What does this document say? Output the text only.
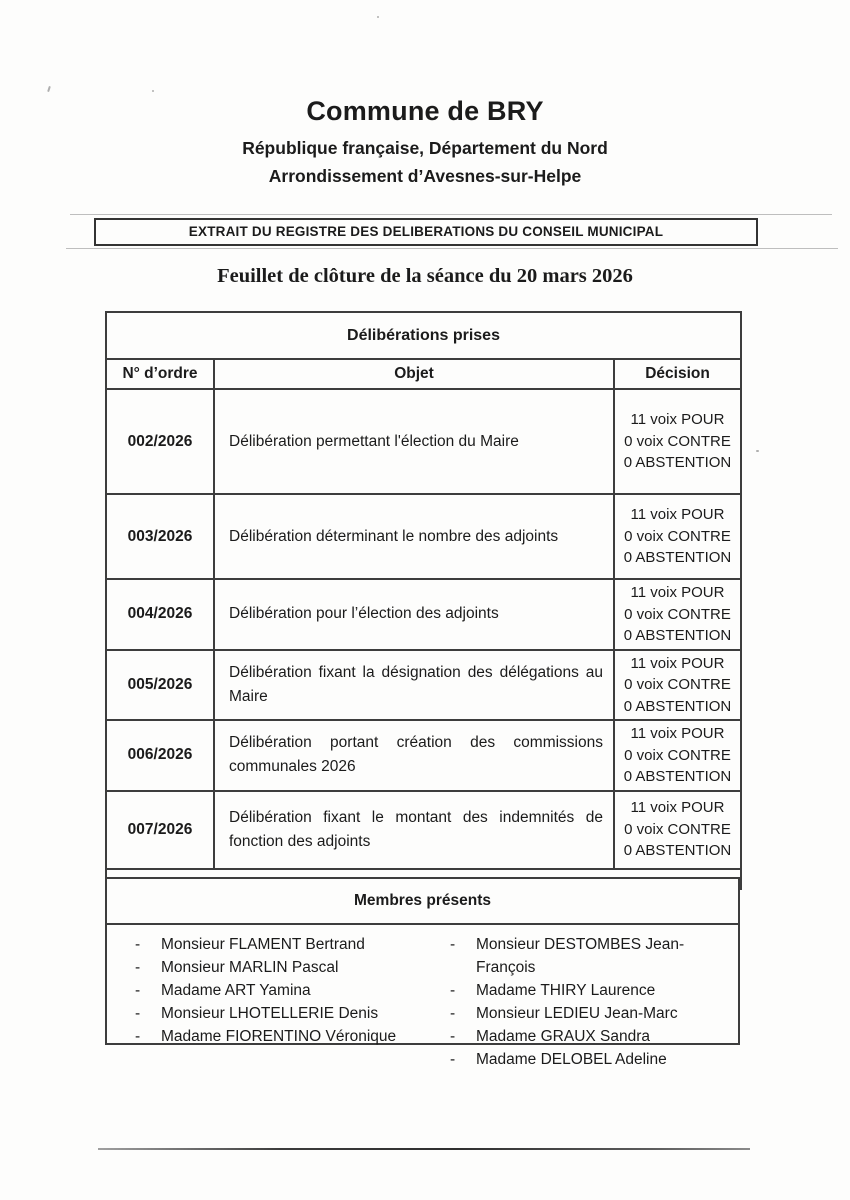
Commune de BRY
République française, Département du Nord
Arrondissement d’Avesnes-sur-Helpe
EXTRAIT DU REGISTRE DES DELIBERATIONS DU CONSEIL MUNICIPAL
Feuillet de clôture de la séance du 20 mars 2026
Délibérations prises		
N° d’ordre	Objet	Décision
002/2026	Délibération permettant l'élection du Maire	11 voix POUR
0 voix CONTRE
0 ABSTENTION

003/2026	Délibération déterminant le nombre des adjoints	11 voix POUR
0 voix CONTRE
0 ABSTENTION

004/2026	Délibération pour l’élection des adjoints	11 voix POUR
0 voix CONTRE
0 ABSTENTION

005/2026	Délibération fixant la désignation des délégations au Maire	11 voix POUR
0 voix CONTRE
0 ABSTENTION

006/2026	Délibération portant création des commissions communales 2026	11 voix POUR
0 voix CONTRE
0 ABSTENTION

007/2026	Délibération fixant le montant des indemnités de fonction des adjoints	11 voix POUR
0 voix CONTRE
0 ABSTENTION

Membres présents
-	Monsieur FLAMENT Bertrand
-	Monsieur MARLIN Pascal
-	Madame ART Yamina
-	Monsieur LHOTELLERIE Denis
-	Madame FIORENTINO Véronique
-	Monsieur DESTOMBES Jean-François
-	Madame THIRY Laurence
-	Monsieur LEDIEU Jean-Marc
-	Madame GRAUX Sandra
-	Madame DELOBEL Adeline
